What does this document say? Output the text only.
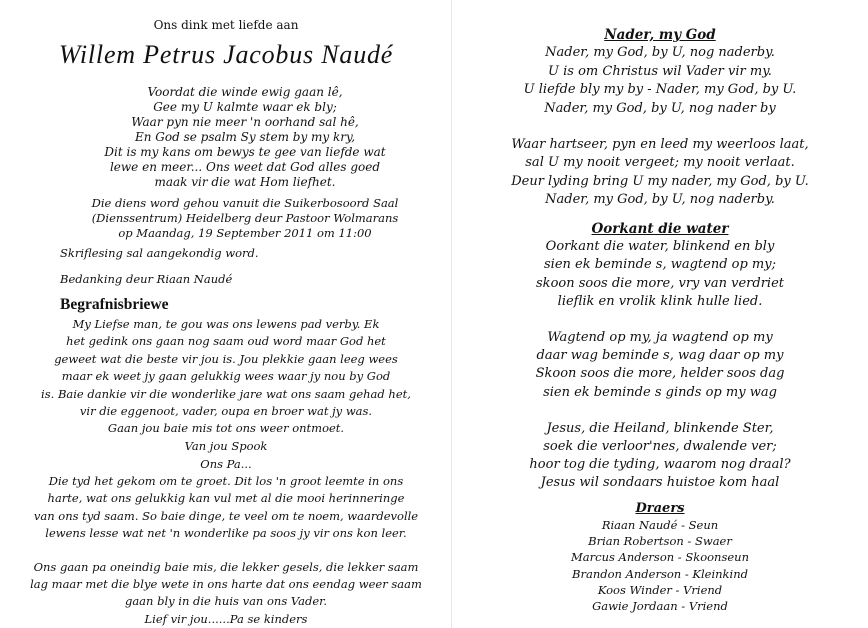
Ons dink met liefde aan
Willem Petrus Jacobus Naudé
Voordat die winde ewig gaan lê,
Gee my U kalmte waar ek bly;
Waar pyn nie meer 'n oorhand sal hê,
En God se psalm Sy stem by my kry,
Dit is my kans om bewys te gee van liefde wat
lewe en meer... Ons weet dat God alles goed
maak vir die wat Hom liefhet.
Die diens word gehou vanuit die Suikerbosoord Saal
(Dienssentrum) Heidelberg deur Pastoor Wolmarans
op Maandag, 19 September 2011 om 11:00
Skriflesing sal aangekondig word.
Bedanking deur Riaan Naudé
Begrafnisbriewe
My Liefse man, te gou was ons lewens pad verby. Ek
het gedink ons gaan nog saam oud word maar God het
geweet wat die beste vir jou is. Jou plekkie gaan leeg wees
maar ek weet jy gaan gelukkig wees waar jy nou by God
is. Baie dankie vir die wonderlike jare wat ons saam gehad het,
vir die eggenoot, vader, oupa en broer wat jy was.
Gaan jou baie mis tot ons weer ontmoet.
Van jou Spook
Ons Pa...
Die tyd het gekom om te groet. Dit los 'n groot leemte in ons
harte, wat ons gelukkig kan vul met al die mooi herinneringe
van ons tyd saam. So baie dinge, te veel om te noem, waardevolle
lewens lesse wat net 'n wonderlike pa soos jy vir ons kon leer.
Ons gaan pa oneindig baie mis, die lekker gesels, die lekker saam
lag maar met die blye wete in ons harte dat ons eendag weer saam
gaan bly in die huis van ons Vader.
Lief vir jou......Pa se kinders
Nader, my God
Nader, my God, by U, nog naderby.
U is om Christus wil Vader vir my.
U liefde bly my by - Nader, my God, by U.
Nader, my God, by U, nog nader by
Waar hartseer, pyn en leed my weerloos laat,
sal U my nooit vergeet; my nooit verlaat.
Deur lyding bring U my nader, my God, by U.
Nader, my God, by U, nog naderby.
Oorkant die water
Oorkant die water, blinkend en bly
sien ek beminde s, wagtend op my;
skoon soos die more, vry van verdriet
lieflik en vrolik klink hulle lied.
Wagtend op my, ja wagtend op my
daar wag beminde s, wag daar op my
Skoon soos die more, helder soos dag
sien ek beminde s ginds op my wag
Jesus, die Heiland, blinkende Ster,
soek die verloor'nes, dwalende ver;
hoor tog die tyding, waarom nog draal?
Jesus wil sondaars huistoe kom haal
Draers
Riaan Naudé - Seun
Brian Robertson - Swaer
Marcus Anderson - Skoonseun
Brandon Anderson - Kleinkind
Koos Winder - Vriend
Gawie Jordaan - Vriend
